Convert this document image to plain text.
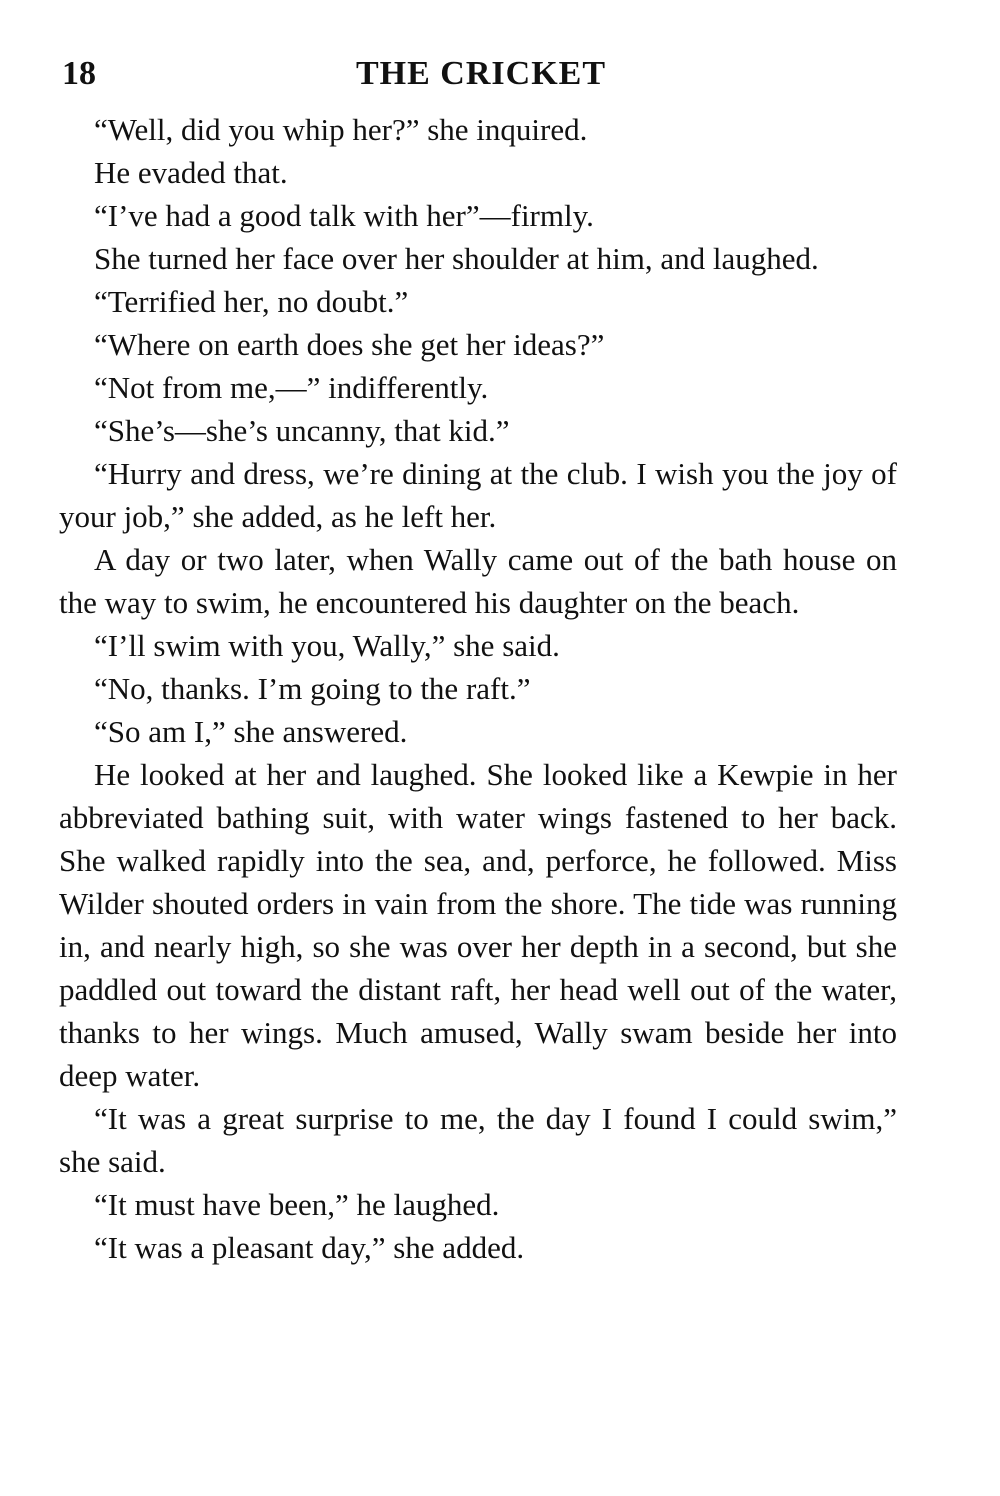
18	THE CRICKET

“Well, did you whip her?” she inquired.

He evaded that.

“I’ve had a good talk with her”—firmly.

She turned her face over her shoulder at him, and laughed.

“Terrified her, no doubt.”

“Where on earth does she get her ideas?”

“Not from me,—” indifferently.

“She’s—she’s uncanny, that kid.”

“Hurry and dress, we’re dining at the club. I wish you the joy of your job,” she added, as he left her.

A day or two later, when Wally came out of the bath house on the way to swim, he encountered his daughter on the beach.

“I’ll swim with you, Wally,” she said.

“No, thanks. I’m going to the raft.”

“So am I,” she answered.

He looked at her and laughed. She looked like a Kewpie in her abbreviated bathing suit, with water wings fastened to her back. She walked rapidly into the sea, and, perforce, he followed. Miss Wilder shouted orders in vain from the shore. The tide was running in, and nearly high, so she was over her depth in a second, but she paddled out toward the distant raft, her head well out of the water, thanks to her wings. Much amused, Wally swam beside her into deep water.

“It was a great surprise to me, the day I found I could swim,” she said.

“It must have been,” he laughed.

“It was a pleasant day,” she added.
